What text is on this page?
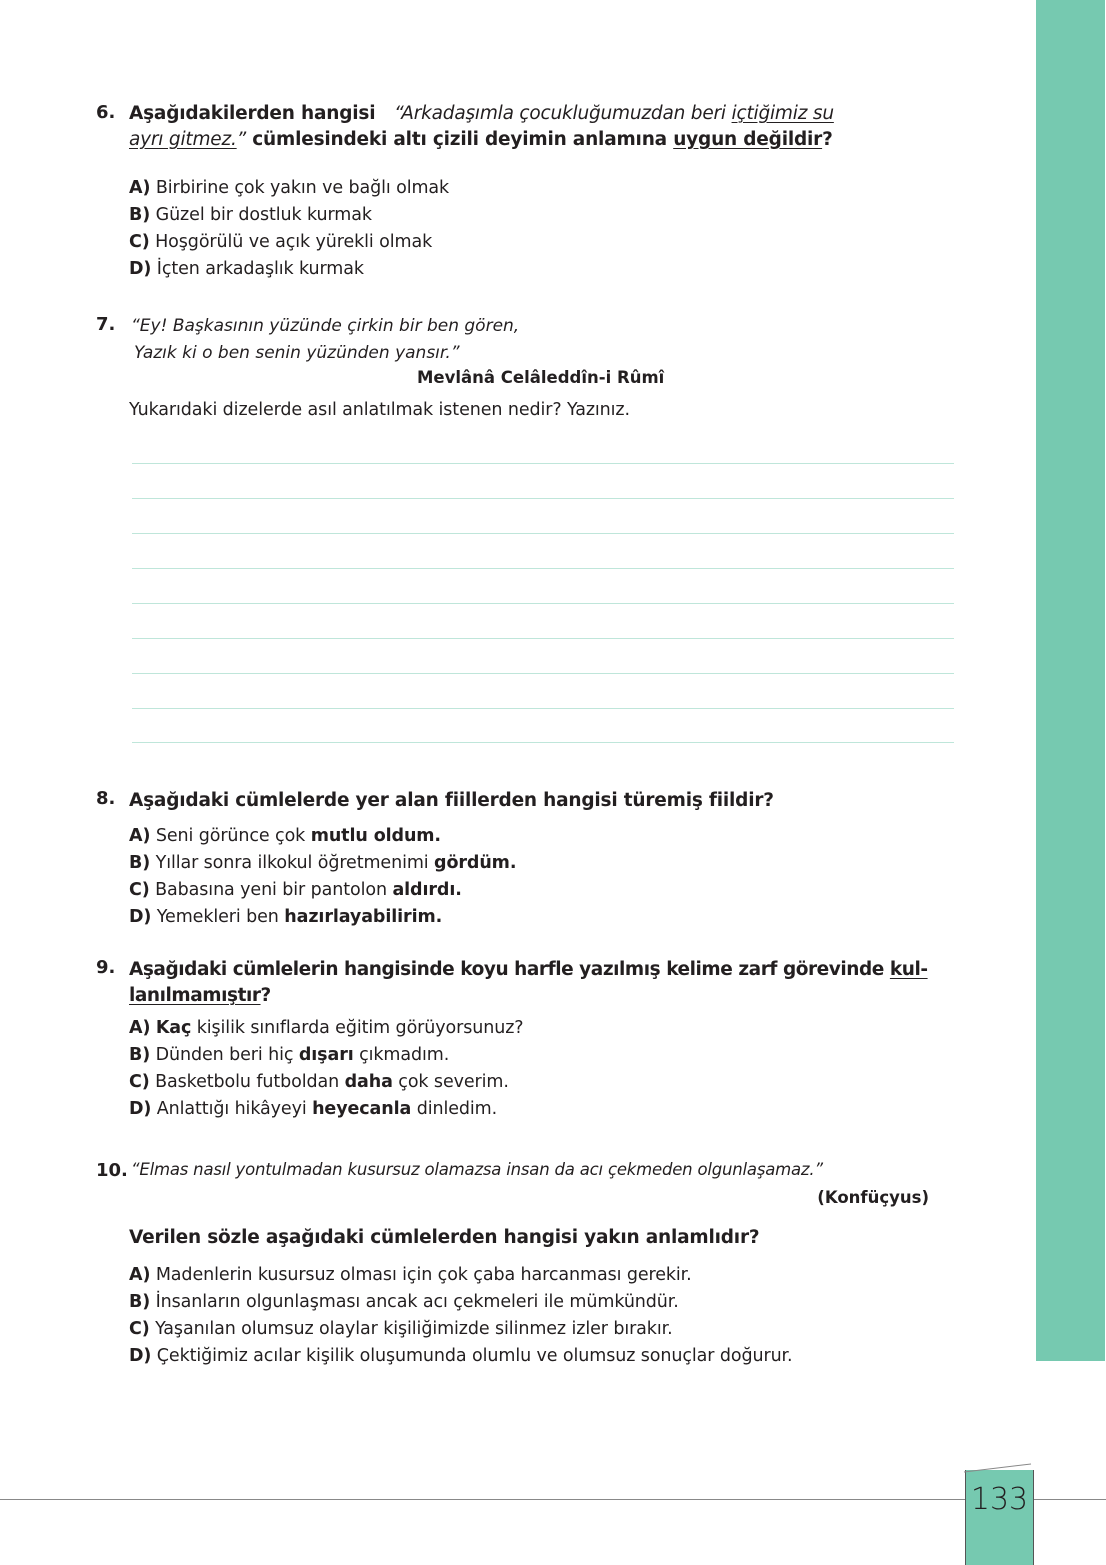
6. Aşağıdakilerden hangisi “Arkadaşımla çocukluğumuzdan beri içtiğimiz su
ayrı gitmez.” cümlesindeki altı çizili deyimin anlamına uygun değildir?
A) Birbirine çok yakın ve bağlı olmak
B) Güzel bir dostluk kurmak
C) Hoşgörülü ve açık yürekli olmak
D) İçten arkadaşlık kurmak
7. “Ey! Başkasının yüzünde çirkin bir ben gören,
Yazık ki o ben senin yüzünden yansır.”
Mevlânâ Celâleddîn-i Rûmî
Yukarıdaki dizelerde asıl anlatılmak istenen nedir? Yazınız.
8. Aşağıdaki cümlelerde yer alan fiillerden hangisi türemiş fiildir?
A) Seni görünce çok mutlu oldum.
B) Yıllar sonra ilkokul öğretmenimi gördüm.
C) Babasına yeni bir pantolon aldırdı.
D) Yemekleri ben hazırlayabilirim.
9. Aşağıdaki cümlelerin hangisinde koyu harfle yazılmış kelime zarf görevinde kul-
lanılmamıştır?
A) Kaç kişilik sınıflarda eğitim görüyorsunuz?
B) Dünden beri hiç dışarı çıkmadım.
C) Basketbolu futboldan daha çok severim.
D) Anlattığı hikâyeyi heyecanla dinledim.
10. “Elmas nasıl yontulmadan kusursuz olamazsa insan da acı çekmeden olgunlaşamaz.”
(Konfüçyus)
Verilen sözle aşağıdaki cümlelerden hangisi yakın anlamlıdır?
A) Madenlerin kusursuz olması için çok çaba harcanması gerekir.
B) İnsanların olgunlaşması ancak acı çekmeleri ile mümkündür.
C) Yaşanılan olumsuz olaylar kişiliğimizde silinmez izler bırakır.
D) Çektiğimiz acılar kişilik oluşumunda olumlu ve olumsuz sonuçlar doğurur.
133
